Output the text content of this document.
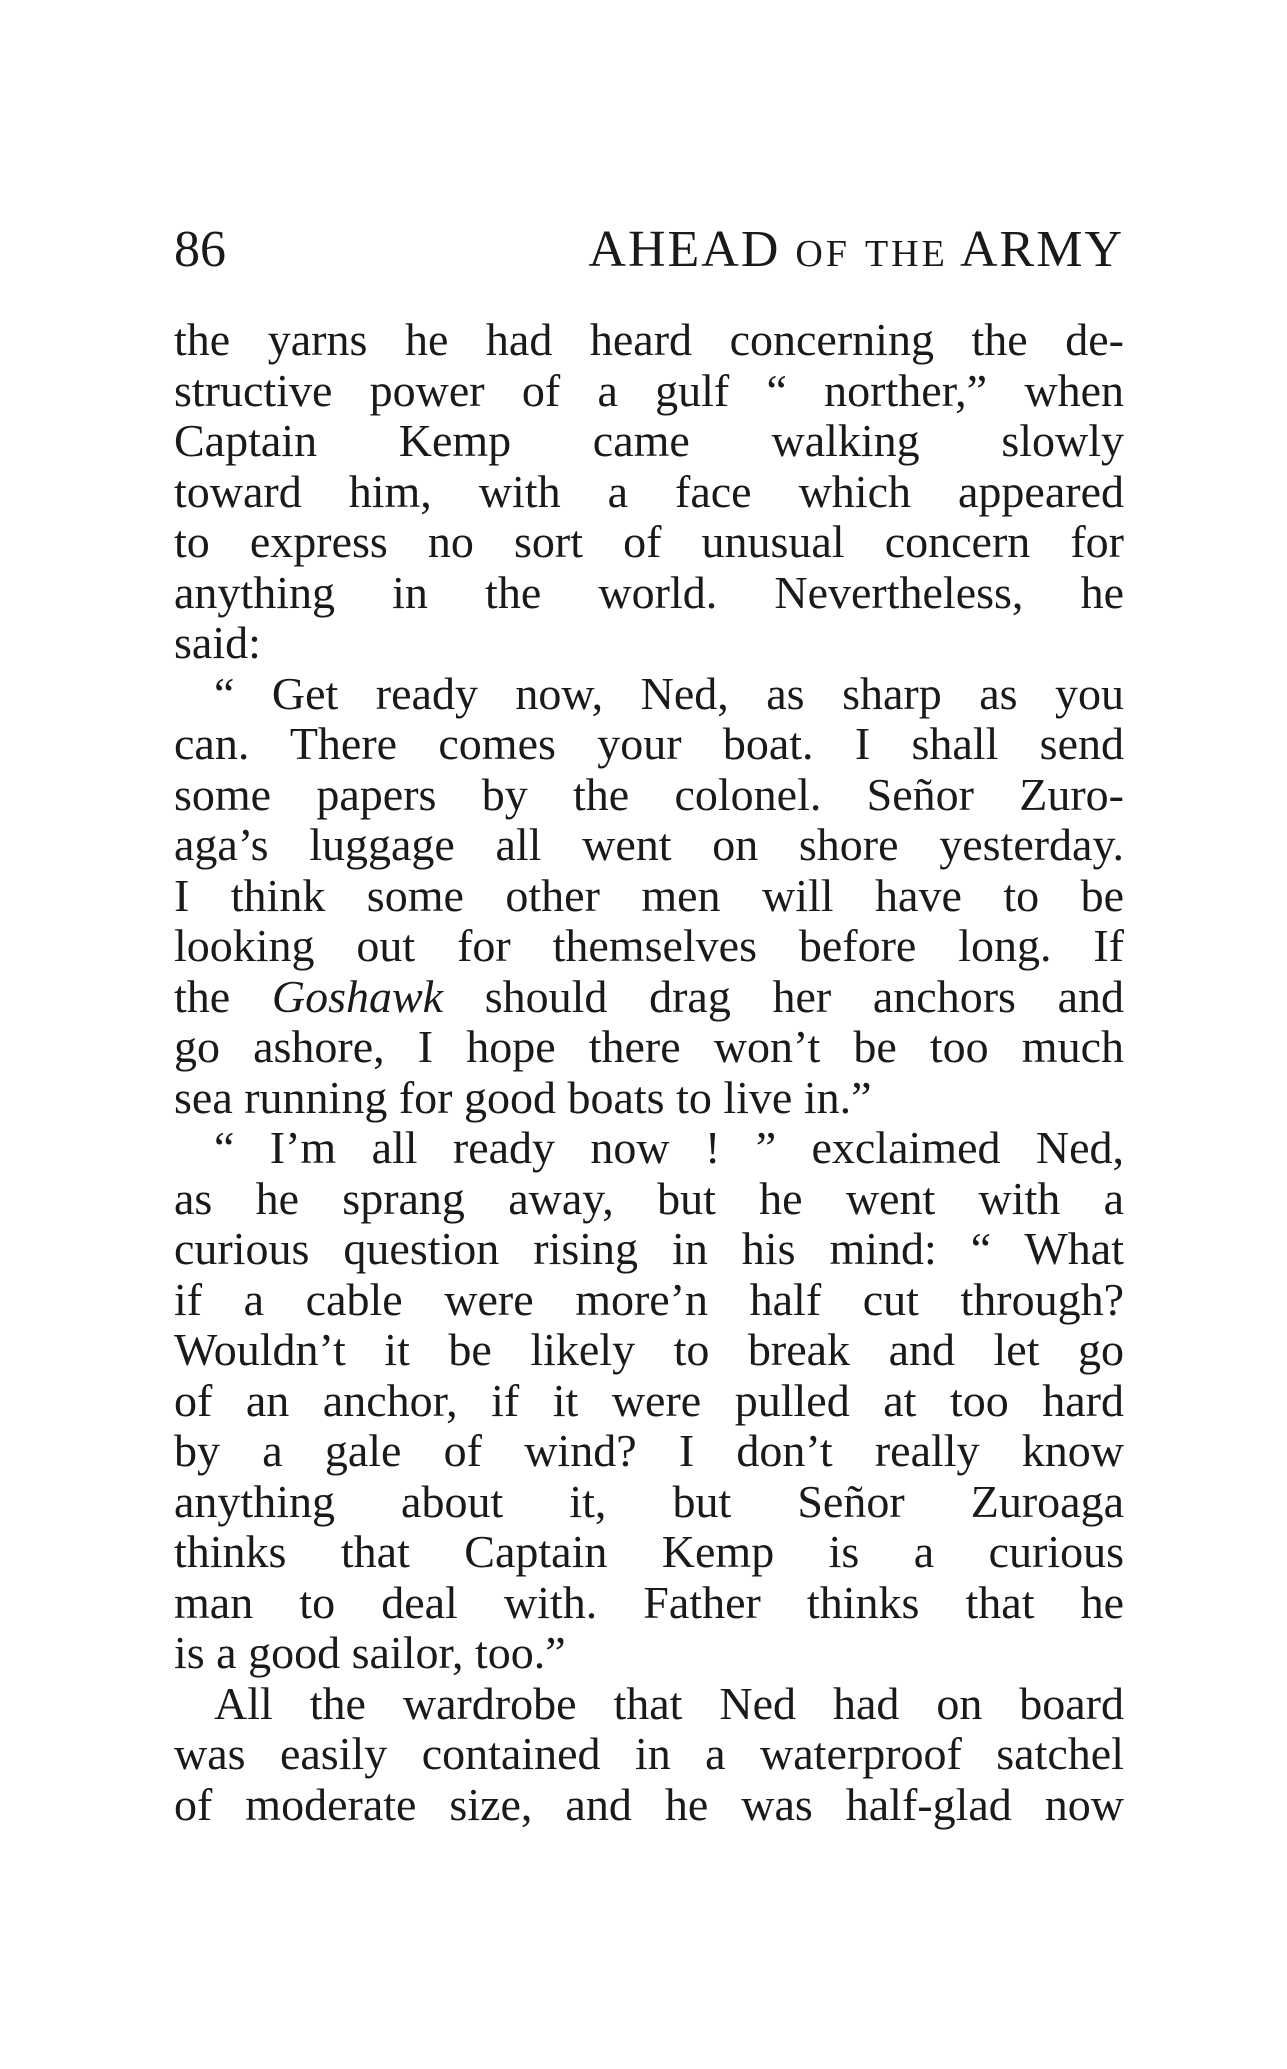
86	AHEAD OF THE ARMY
the yarns he had heard concerning the de-
structive power of a gulf “ norther,” when
Captain Kemp came walking slowly
toward him, with a face which appeared
to express no sort of unusual concern for
anything in the world. Nevertheless, he
said:
“ Get ready now, Ned, as sharp as you
can. There comes your boat. I shall send
some papers by the colonel. Señor Zuro-
aga’s luggage all went on shore yesterday.
I think some other men will have to be
looking out for themselves before long. If
the Goshawk should drag her anchors and
go ashore, I hope there won’t be too much
sea running for good boats to live in.”
“ I’m all ready now ! ” exclaimed Ned,
as he sprang away, but he went with a
curious question rising in his mind: “ What
if a cable were more’n half cut through?
Wouldn’t it be likely to break and let go
of an anchor, if it were pulled at too hard
by a gale of wind? I don’t really know
anything about it, but Señor Zuroaga
thinks that Captain Kemp is a curious
man to deal with. Father thinks that he
is a good sailor, too.”
All the wardrobe that Ned had on board
was easily contained in a waterproof satchel
of moderate size, and he was half-glad now
